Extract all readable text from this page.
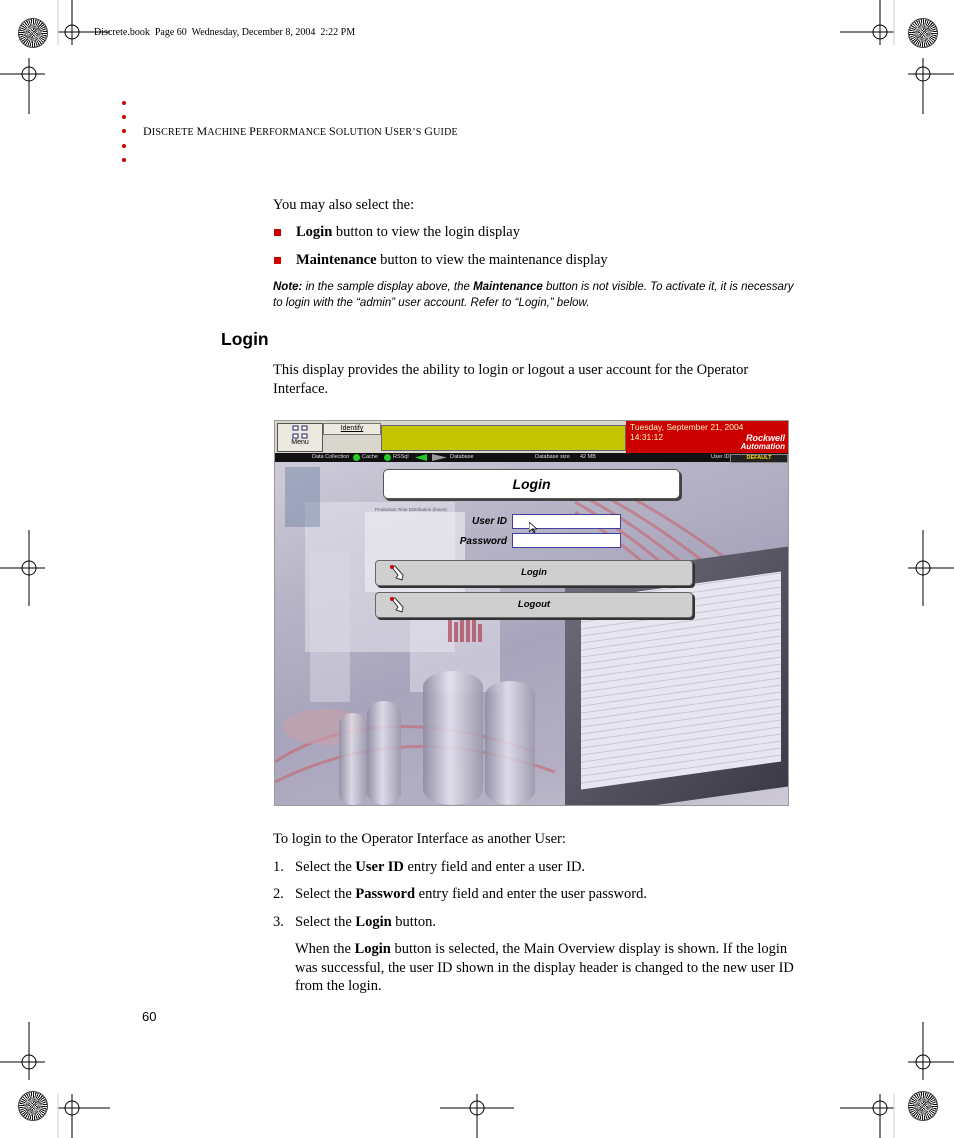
Discrete.book  Page 60  Wednesday, December 8, 2004  2:22 PM
DISCRETE MACHINE PERFORMANCE SOLUTION USER’S GUIDE
You may also select the:
Login button to view the login display
Maintenance button to view the maintenance display
Note: in the sample display above, the Maintenance button is not visible. To activate it, it is necessary to login with the “admin” user account. Refer to “Login,” below.
Login
This display provides the ability to login or logout a user account for the Operator Interface.
Production Time Distribution (hours)
Menu
Identify	Tuesday, September 21, 2004
14:31:12	Rockwell
Automation
Data Collection Cache	RSSql	Database	Database size 42 MB	User ID	DEFAULT
Login
User ID
Password
Login
Logout
To login to the Operator Interface as another User:
1. Select the User ID entry field and enter a user ID.
2. Select the Password entry field and enter the user password.
3. Select the Login button.
When the Login button is selected, the Main Overview display is shown. If the login was successful, the user ID shown in the display header is changed to the new user ID from the login.
60
